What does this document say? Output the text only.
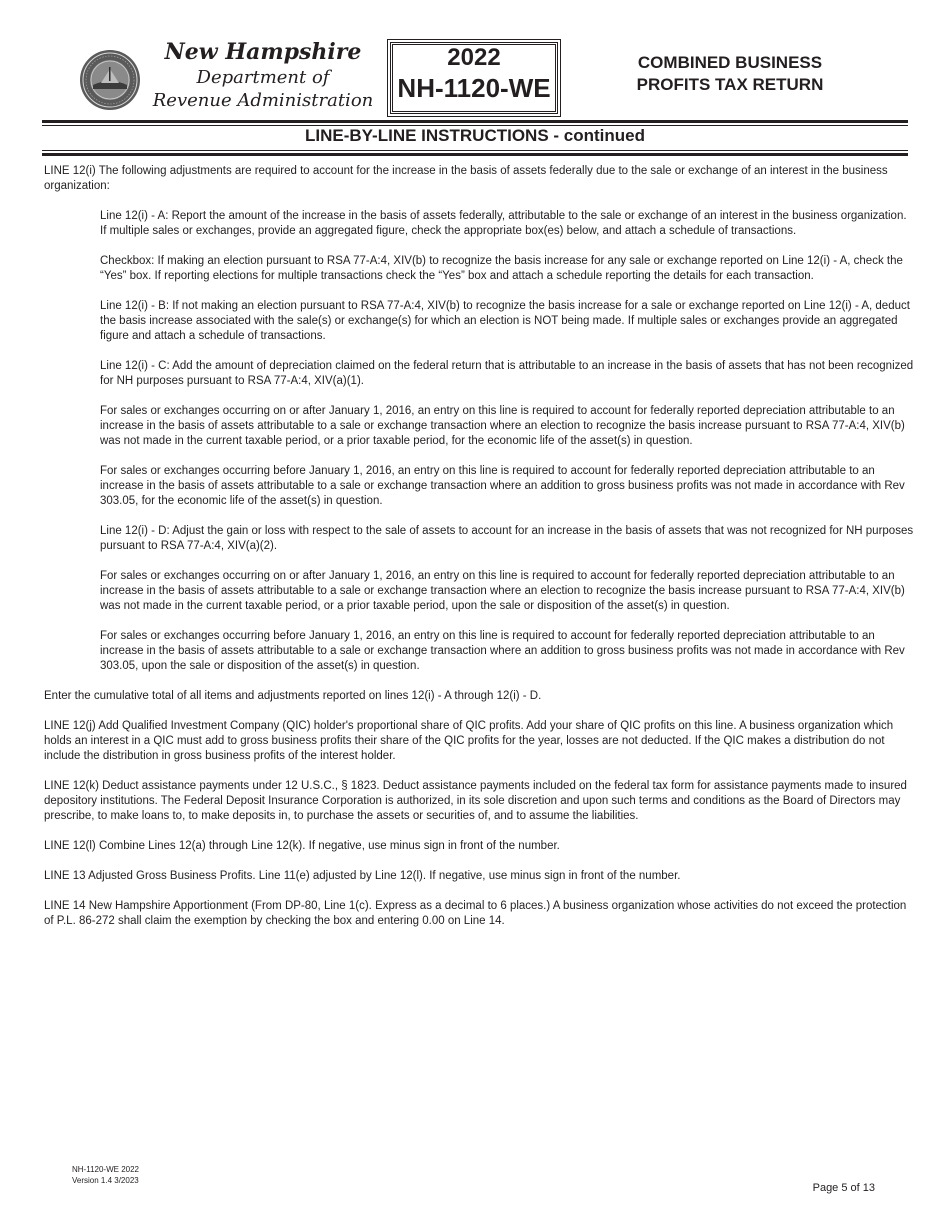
New Hampshire
Department of
Revenue Administration
2022
NH-1120-WE
COMBINED BUSINESS
PROFITS TAX RETURN
LINE-BY-LINE INSTRUCTIONS - continued

LINE 12(i) The following adjustments are required to account for the increase in the basis of assets federally due to the sale or exchange of an interest in the business organization:

Line 12(i) - A: Report the amount of the increase in the basis of assets federally, attributable to the sale or exchange of an interest in the business organization. If multiple sales or exchanges, provide an aggregated figure, check the appropriate box(es) below, and attach a schedule of transactions.

Checkbox: If making an election pursuant to RSA 77-A:4, XIV(b) to recognize the basis increase for any sale or exchange reported on Line 12(i) - A, check the “Yes” box. If reporting elections for multiple transactions check the “Yes” box and attach a schedule reporting the details for each transaction.

Line 12(i) - B: If not making an election pursuant to RSA 77-A:4, XIV(b) to recognize the basis increase for a sale or exchange reported on Line 12(i) - A, deduct the basis increase associated with the sale(s) or exchange(s) for which an election is NOT being made. If multiple sales or exchanges provide an aggregated figure and attach a schedule of transactions.

Line 12(i) - C: Add the amount of depreciation claimed on the federal return that is attributable to an increase in the basis of assets that has not been recognized for NH purposes pursuant to RSA 77-A:4, XIV(a)(1).

For sales or exchanges occurring on or after January 1, 2016, an entry on this line is required to account for federally reported depreciation attributable to an increase in the basis of assets attributable to a sale or exchange transaction where an election to recognize the basis increase pursuant to RSA 77-A:4, XIV(b) was not made in the current taxable period, or a prior taxable period, for the economic life of the asset(s) in question.

For sales or exchanges occurring before January 1, 2016, an entry on this line is required to account for federally reported depreciation attributable to an increase in the basis of assets attributable to a sale or exchange transaction where an addition to gross business profits was not made in accordance with Rev 303.05, for the economic life of the asset(s) in question.

Line 12(i) - D: Adjust the gain or loss with respect to the sale of assets to account for an increase in the basis of assets that was not recognized for NH purposes pursuant to RSA 77-A:4, XIV(a)(2).

For sales or exchanges occurring on or after January 1, 2016, an entry on this line is required to account for federally reported depreciation attributable to an increase in the basis of assets attributable to a sale or exchange transaction where an election to recognize the basis increase pursuant to RSA 77-A:4, XIV(b) was not made in the current taxable period, or a prior taxable period, upon the sale or disposition of the asset(s) in question.

For sales or exchanges occurring before January 1, 2016, an entry on this line is required to account for federally reported depreciation attributable to an increase in the basis of assets attributable to a sale or exchange transaction where an addition to gross business profits was not made in accordance with Rev 303.05, upon the sale or disposition of the asset(s) in question.

Enter the cumulative total of all items and adjustments reported on lines 12(i) - A through 12(i) - D.

LINE 12(j) Add Qualified Investment Company (QIC) holder's proportional share of QIC profits. Add your share of QIC profits on this line. A business organization which holds an interest in a QIC must add to gross business profits their share of the QIC profits for the year, losses are not deducted. If the QIC makes a distribution do not include the distribution in gross business profits of the interest holder.

LINE 12(k) Deduct assistance payments under 12 U.S.C., § 1823. Deduct assistance payments included on the federal tax form for assistance payments made to insured depository institutions. The Federal Deposit Insurance Corporation is authorized, in its sole discretion and upon such terms and conditions as the Board of Directors may prescribe, to make loans to, to make deposits in, to purchase the assets or securities of, and to assume the liabilities.

LINE 12(l) Combine Lines 12(a) through Line 12(k). If negative, use minus sign in front of the number.

LINE 13 Adjusted Gross Business Profits. Line 11(e) adjusted by Line 12(l). If negative, use minus sign in front of the number.

LINE 14 New Hampshire Apportionment (From DP-80, Line 1(c). Express as a decimal to 6 places.) A business organization whose activities do not exceed the protection of P.L. 86-272 shall claim the exemption by checking the box and entering 0.00 on Line 14.

NH-1120-WE 2022
Version 1.4 3/2023
Page 5 of 13
